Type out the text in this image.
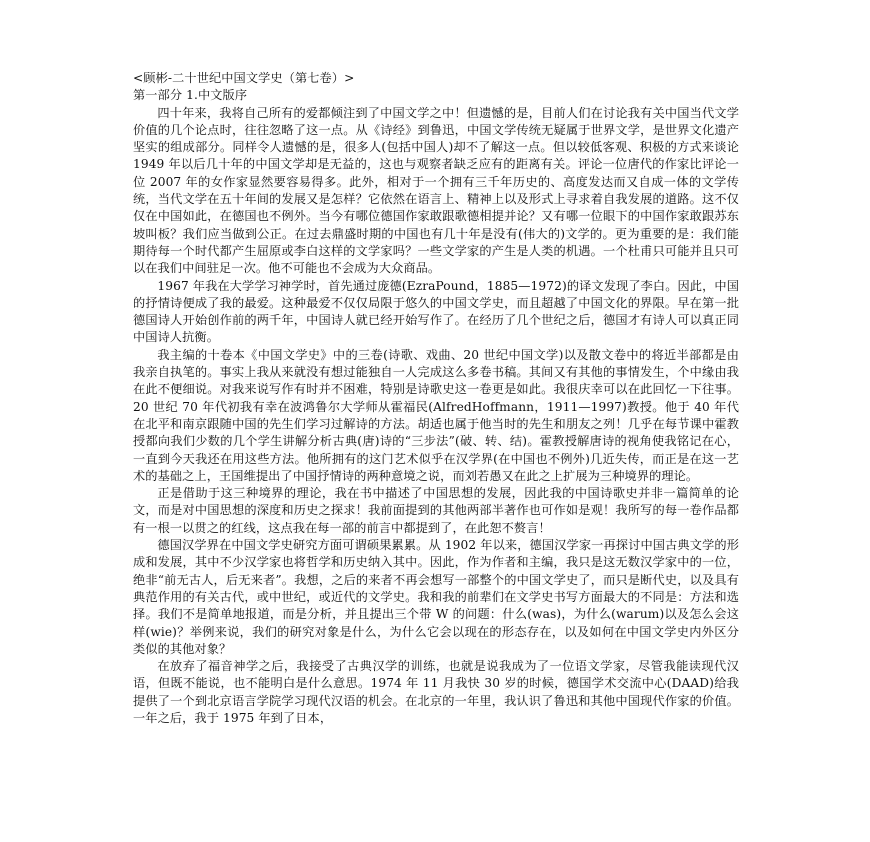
<顾彬-二十世纪中国文学史（第七卷）>

第一部分 1.中文版序

四十年来，我将自己所有的爱都倾注到了中国文学之中！但遗憾的是，目前人们在讨论我有关中国当代文学价值的几个论点时，往往忽略了这一点。从《诗经》到鲁迅，中国文学传统无疑属于世界文学，是世界文化遗产坚实的组成部分。同样令人遗憾的是，很多人(包括中国人)却不了解这一点。但以较低客观、积极的方式来谈论 1949 年以后几十年的中国文学却是无益的，这也与观察者缺乏应有的距离有关。评论一位唐代的作家比评论一位 2007 年的女作家显然要容易得多。此外，相对于一个拥有三千年历史的、高度发达而又自成一体的文学传统，当代文学在五十年间的发展又是怎样？它依然在语言上、精神上以及形式上寻求着自我发展的道路。这不仅仅在中国如此，在德国也不例外。当今有哪位德国作家敢跟歌德相提并论？又有哪一位眼下的中国作家敢跟苏东坡叫板？我们应当做到公正。在过去鼎盛时期的中国也有几十年是没有(伟大的)文学的。更为重要的是：我们能期待每一个时代都产生屈原或李白这样的文学家吗？一些文学家的产生是人类的机遇。一个杜甫只可能并且只可以在我们中间驻足一次。他不可能也不会成为大众商品。

1967 年我在大学学习神学时，首先通过庞德(EzraPound，1885—1972)的译文发现了李白。因此，中国的抒情诗便成了我的最爱。这种最爱不仅仅局限于悠久的中国文学史，而且超越了中国文化的界限。早在第一批德国诗人开始创作前的两千年，中国诗人就已经开始写作了。在经历了几个世纪之后，德国才有诗人可以真正同中国诗人抗衡。

我主编的十卷本《中国文学史》中的三卷(诗歌、戏曲、20 世纪中国文学)以及散文卷中的将近半部都是由我亲自执笔的。事实上我从来就没有想过能独自一人完成这么多卷书稿。其间又有其他的事情发生，个中缘由我在此不便细说。对我来说写作有时并不困难，特别是诗歌史这一卷更是如此。我很庆幸可以在此回忆一下往事。20 世纪 70 年代初我有幸在波鸿鲁尔大学师从霍福民(AlfredHoffmann，1911—1997)教授。他于 40 年代在北平和南京跟随中国的先生们学习过解诗的方法。胡适也属于他当时的先生和朋友之列！几乎在每节课中霍教授都向我们少数的几个学生讲解分析古典(唐)诗的“三步法”(破、转、结)。霍教授解唐诗的视角使我铭记在心，一直到今天我还在用这些方法。他所拥有的这门艺术似乎在汉学界(在中国也不例外)几近失传，而正是在这一艺术的基础之上，王国维提出了中国抒情诗的两种意境之说，而刘若愚又在此之上扩展为三种境界的理论。

正是借助于这三种境界的理论，我在书中描述了中国思想的发展，因此我的中国诗歌史并非一篇简单的论文，而是对中国思想的深度和历史之探求！我前面提到的其他两部半著作也可作如是观！我所写的每一卷作品都有一根一以贯之的红线，这点我在每一部的前言中都提到了，在此恕不赘言！

德国汉学界在中国文学史研究方面可谓硕果累累。从 1902 年以来，德国汉学家一再探讨中国古典文学的形成和发展，其中不少汉学家也将哲学和历史纳入其中。因此，作为作者和主编，我只是这无数汉学家中的一位，绝非“前无古人，后无来者”。我想，之后的来者不再会想写一部整个的中国文学史了，而只是断代史，以及具有典范作用的有关古代，或中世纪，或近代的文学史。我和我的前辈们在文学史书写方面最大的不同是：方法和选择。我们不是简单地报道，而是分析，并且提出三个带 W 的问题：什么(was)，为什么(warum)以及怎么会这样(wie)？举例来说，我们的研究对象是什么，为什么它会以现在的形态存在，以及如何在中国文学史内外区分类似的其他对象？

在放弃了福音神学之后，我接受了古典汉学的训练，也就是说我成为了一位语文学家，尽管我能读现代汉语，但既不能说，也不能明白是什么意思。1974 年 11 月我快 30 岁的时候，德国学术交流中心(DAAD)给我提供了一个到北京语言学院学习现代汉语的机会。在北京的一年里，我认识了鲁迅和其他中国现代作家的价值。一年之后，我于 1975 年到了日本，
